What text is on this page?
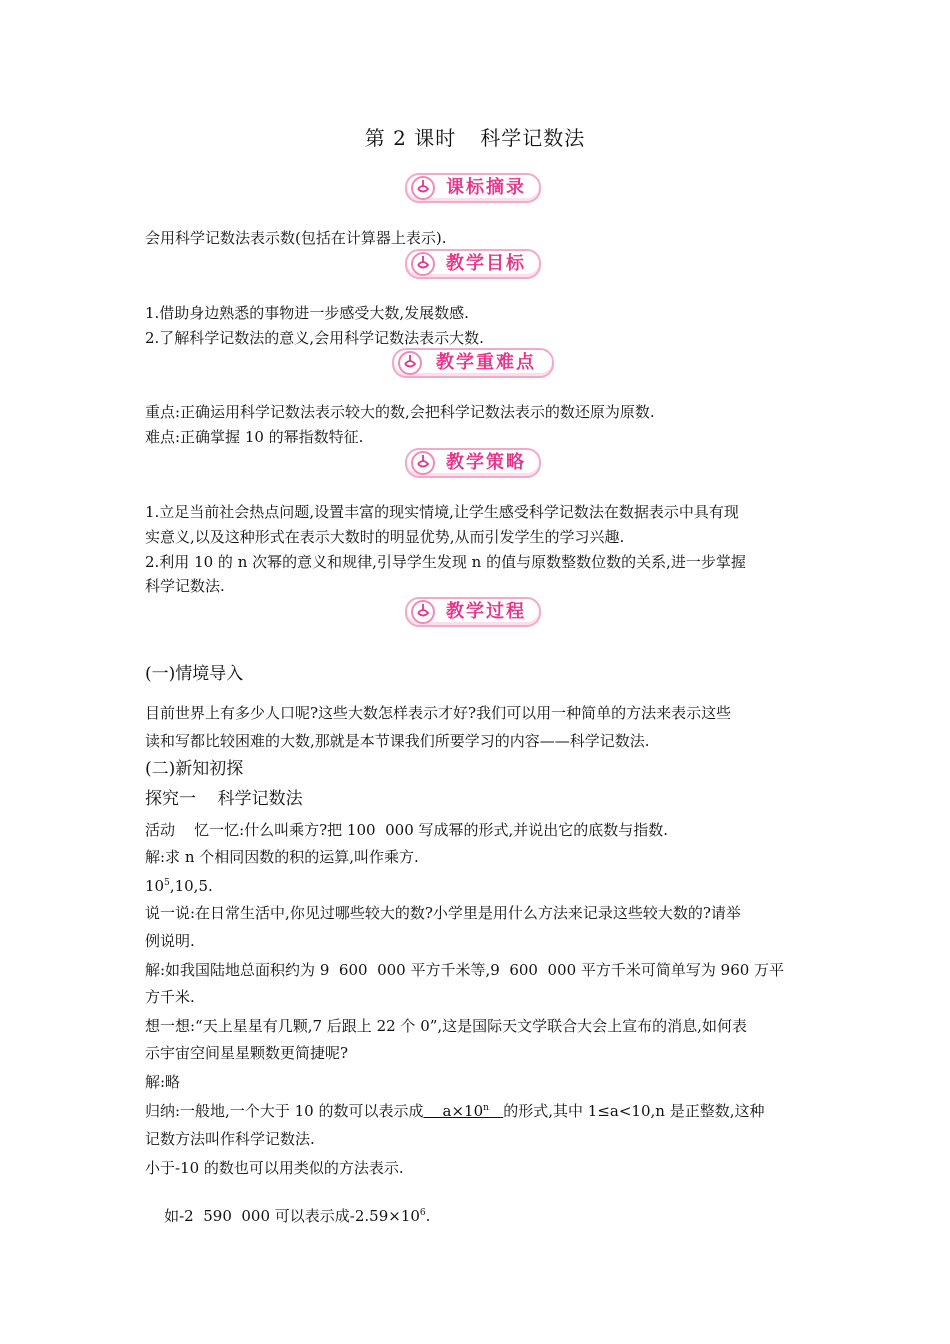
第 2 课时 科学记数法
课标摘录
会用科学记数法表示数(包括在计算器上表示).
教学目标
1.借助身边熟悉的事物进一步感受大数,发展数感.
2.了解科学记数法的意义,会用科学记数法表示大数.
教学重难点
重点:正确运用科学记数法表示较大的数,会把科学记数法表示的数还原为原数.
难点:正确掌握 10 的幂指数特征.
教学策略
1.立足当前社会热点问题,设置丰富的现实情境,让学生感受科学记数法在数据表示中具有现
实意义,以及这种形式在表示大数时的明显优势,从而引发学生的学习兴趣.
2.利用 10 的 n 次幂的意义和规律,引导学生发现 n 的值与原数整数位数的关系,进一步掌握
科学记数法.
教学过程
(一)情境导入
目前世界上有多少人口呢?这些大数怎样表示才好?我们可以用一种简单的方法来表示这些
读和写都比较困难的大数,那就是本节课我们所要学习的内容——科学记数法.
(二)新知初探
探究一    科学记数法
活动    忆一忆:什么叫乘方?把 100  000 写成幂的形式,并说出它的底数与指数.
解:求 n 个相同因数的积的运算,叫作乘方.
$10^5,10,5$.
说一说:在日常生活中,你见过哪些较大的数?小学里是用什么方法来记录这些较大数的?请举
例说明.
解:如我国陆地总面积约为 9  600  000 平方千米等,9  600  000 平方千米可简单写为 960 万平
方千米.
想一想:“天上星星有几颗,7 后跟上 22 个 0”,这是国际天文学联合大会上宣布的消息,如何表
示宇宙空间星星颗数更简捷呢?
解:略
归纳:一般地,一个大于 10 的数可以表示成 $a\times 10^n$ 的形式,其中 1≤a<10,n 是正整数,这种
记数方法叫作科学记数法.
小于-10 的数也可以用类似的方法表示.

如-2  590  000 可以表示成$-2.59\times 10^6$.
